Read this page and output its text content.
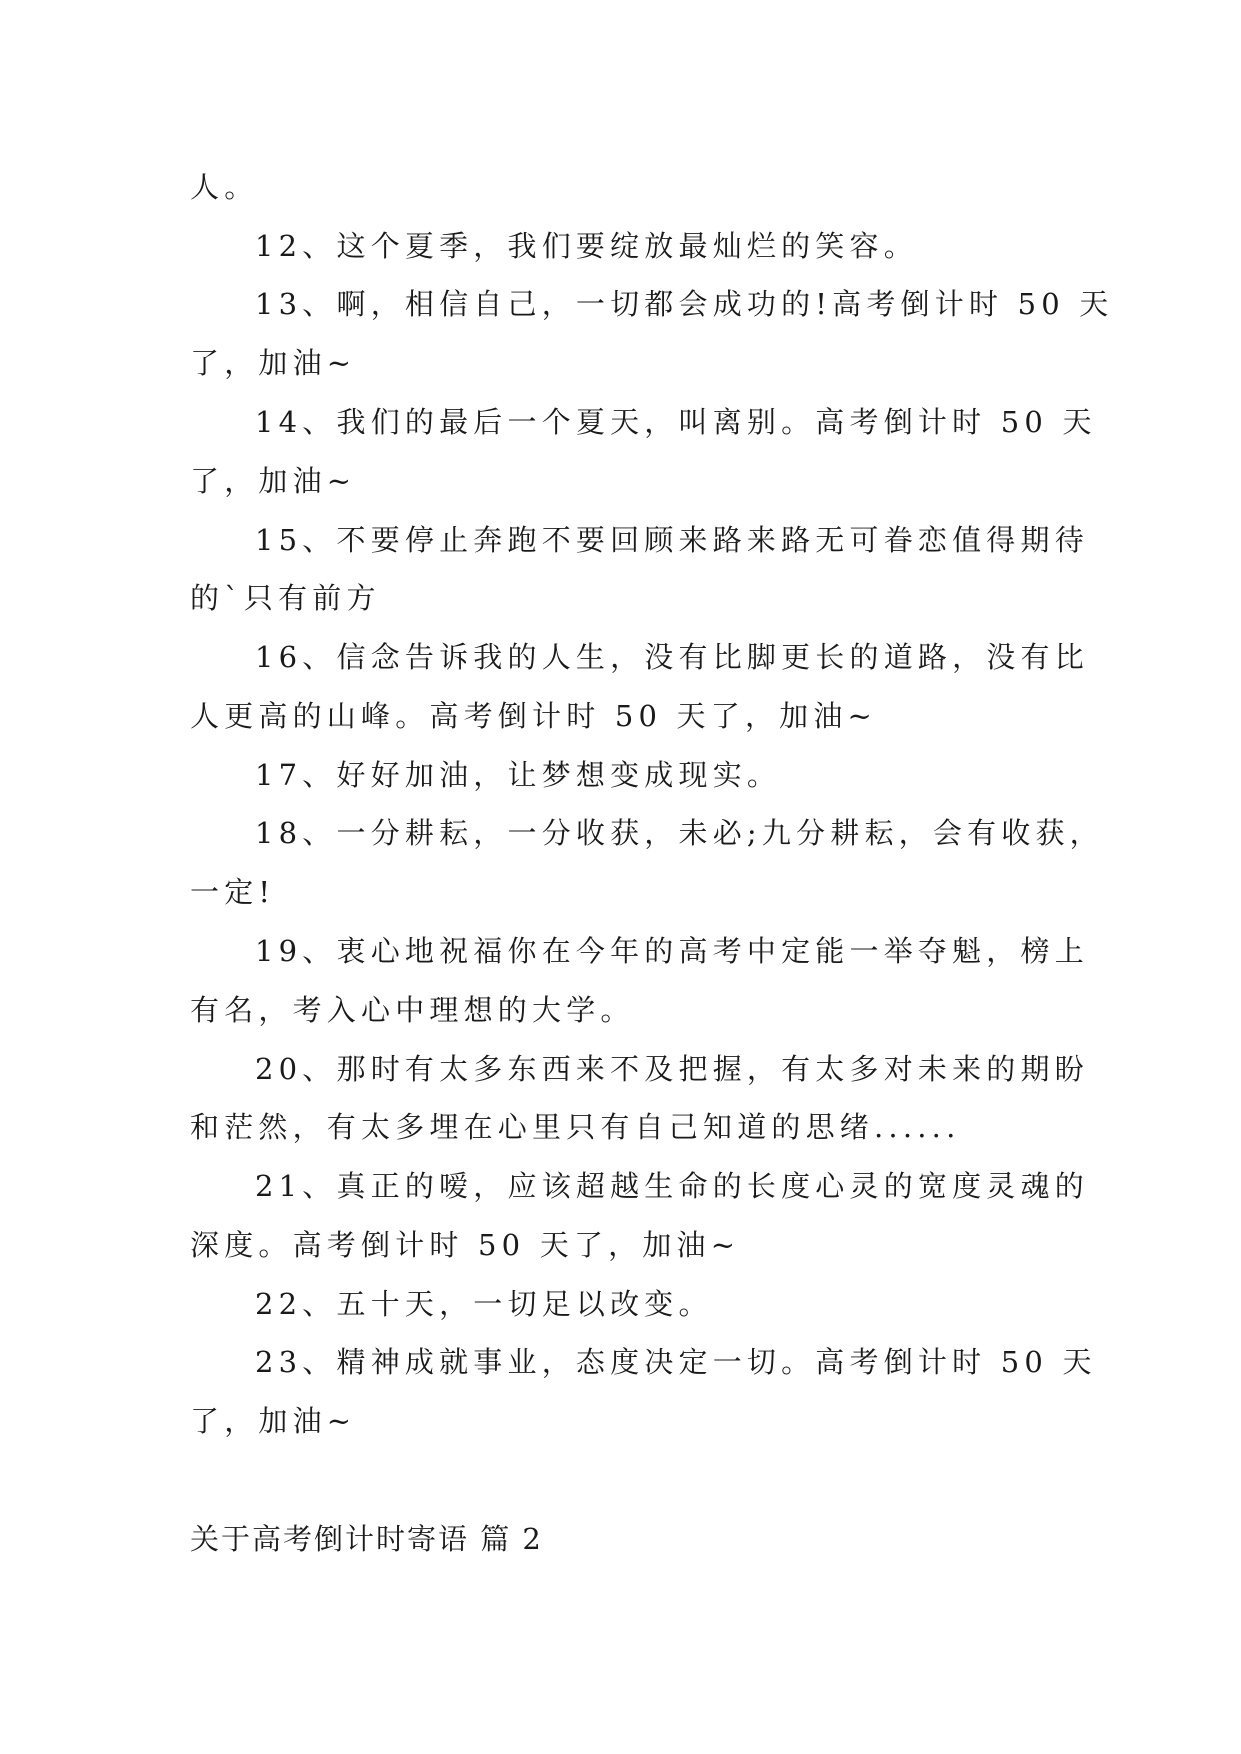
人。

12、这个夏季，我们要绽放最灿烂的笑容。

13、啊，相信自己，一切都会成功的!高考倒计时 50 天

了，加油~

14、我们的最后一个夏天，叫离别。高考倒计时 50 天

了，加油~

15、不要停止奔跑不要回顾来路来路无可眷恋值得期待

的`只有前方

16、信念告诉我的人生，没有比脚更长的道路，没有比

人更高的山峰。高考倒计时 50 天了，加油~

17、好好加油，让梦想变成现实。

18、一分耕耘，一分收获，未必;九分耕耘，会有收获，

一定!

19、衷心地祝福你在今年的高考中定能一举夺魁，榜上

有名，考入心中理想的大学。

20、那时有太多东西来不及把握，有太多对未来的期盼

和茫然，有太多埋在心里只有自己知道的思绪......

21、真正的嗳，应该超越生命的长度心灵的宽度灵魂的

深度。高考倒计时 50 天了，加油~

22、五十天，一切足以改变。

23、精神成就事业，态度决定一切。高考倒计时 50 天

了，加油~

关于高考倒计时寄语 篇 2
